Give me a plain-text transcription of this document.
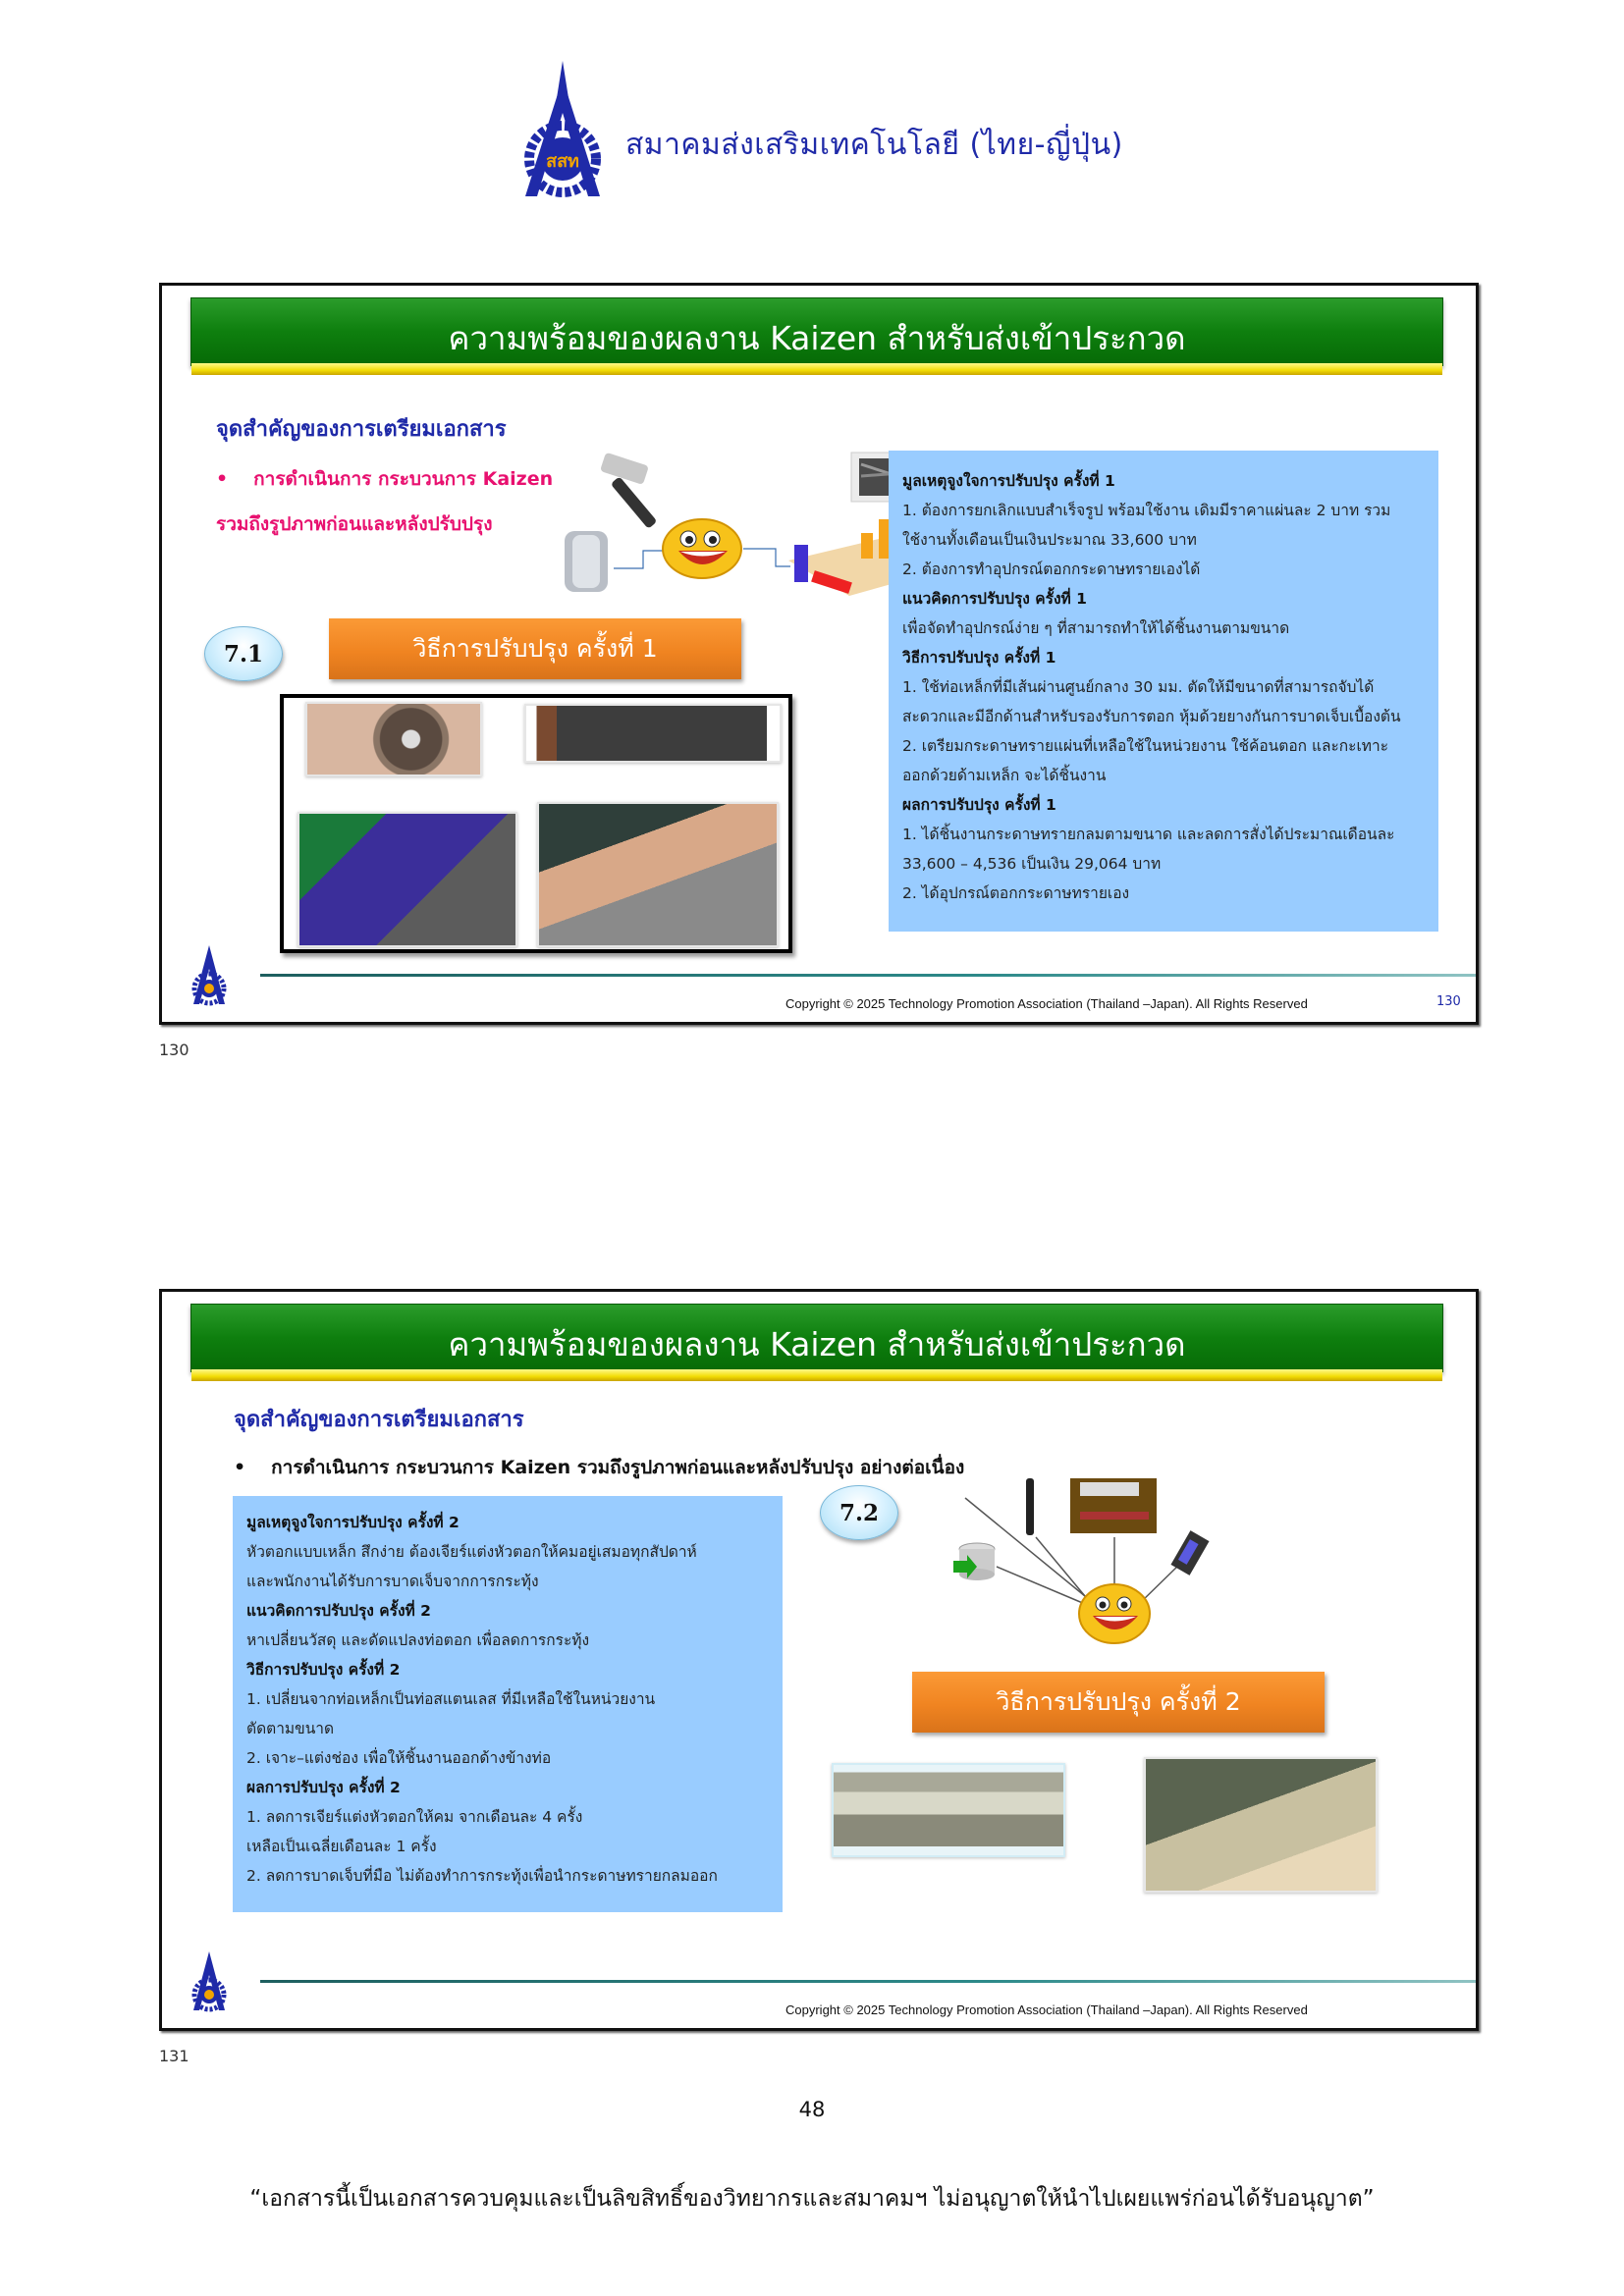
สสท สมาคมส่งเสริมเทคโนโลยี (ไทย-ญี่ปุ่น)
ความพร้อมของผลงาน Kaizen สำหรับส่งเข้าประกวด
จุดสำคัญของการเตรียมเอกสาร
• การดำเนินการ กระบวนการ Kaizen
รวมถึงรูปภาพก่อนและหลังปรับปรุง
7.1	วิธีการปรับปรุง ครั้งที่ 1
มูลเหตุจูงใจการปรับปรุง ครั้งที่ 1
1. ต้องการยกเลิกแบบสำเร็จรูป พร้อมใช้งาน เดิมมีราคาแผ่นละ 2 บาท รวม
ใช้งานทั้งเดือนเป็นเงินประมาณ 33,600 บาท
2. ต้องการทำอุปกรณ์ตอกกระดาษทรายเองได้
แนวคิดการปรับปรุง ครั้งที่ 1
เพื่อจัดทำอุปกรณ์ง่าย ๆ ที่สามารถทำให้ได้ชิ้นงานตามขนาด
วิธีการปรับปรุง ครั้งที่ 1
1. ใช้ท่อเหล็กที่มีเส้นผ่านศูนย์กลาง 30 มม. ตัดให้มีขนาดที่สามารถจับได้
สะดวกและมีอีกด้านสำหรับรองรับการตอก หุ้มด้วยยางกันการบาดเจ็บเบื้องต้น
2. เตรียมกระดาษทรายแผ่นที่เหลือใช้ในหน่วยงาน ใช้ค้อนตอก และกะเทาะ
ออกด้วยด้ามเหล็ก จะได้ชิ้นงาน
ผลการปรับปรุง ครั้งที่ 1
1. ได้ชิ้นงานกระดาษทรายกลมตามขนาด และลดการสั่งได้ประมาณเดือนละ
33,600 – 4,536 เป็นเงิน 29,064 บาท
2. ได้อุปกรณ์ตอกกระดาษทรายเอง
Copyright © 2025 Technology Promotion Association (Thailand –Japan). All Rights Reserved	130
130
ความพร้อมของผลงาน Kaizen สำหรับส่งเข้าประกวด
จุดสำคัญของการเตรียมเอกสาร
• การดำเนินการ กระบวนการ Kaizen รวมถึงรูปภาพก่อนและหลังปรับปรุง อย่างต่อเนื่อง
มูลเหตุจูงใจการปรับปรุง ครั้งที่ 2
หัวตอกแบบเหล็ก สึกง่าย ต้องเจียร์แต่งหัวตอกให้คมอยู่เสมอทุกสัปดาห์
และพนักงานได้รับการบาดเจ็บจากการกระทุ้ง
แนวคิดการปรับปรุง ครั้งที่ 2
หาเปลี่ยนวัสดุ และดัดแปลงท่อตอก เพื่อลดการกระทุ้ง
วิธีการปรับปรุง ครั้งที่ 2
1. เปลี่ยนจากท่อเหล็กเป็นท่อสแตนเลส ที่มีเหลือใช้ในหน่วยงาน
ตัดตามขนาด
2. เจาะ–แต่งช่อง เพื่อให้ชิ้นงานออกด้างข้างท่อ
ผลการปรับปรุง ครั้งที่ 2
1. ลดการเจียร์แต่งหัวตอกให้คม จากเดือนละ 4 ครั้ง
เหลือเป็นเฉลี่ยเดือนละ 1 ครั้ง
2. ลดการบาดเจ็บที่มือ ไม่ต้องทำการกระทุ้งเพื่อนำกระดาษทรายกลมออก
7.2
วิธีการปรับปรุง ครั้งที่ 2
Copyright © 2025 Technology Promotion Association (Thailand –Japan). All Rights Reserved
131
48
“เอกสารนี้เป็นเอกสารควบคุมและเป็นลิขสิทธิ์ของวิทยากรและสมาคมฯ ไม่อนุญาตให้นำไปเผยแพร่ก่อนได้รับอนุญาต”
